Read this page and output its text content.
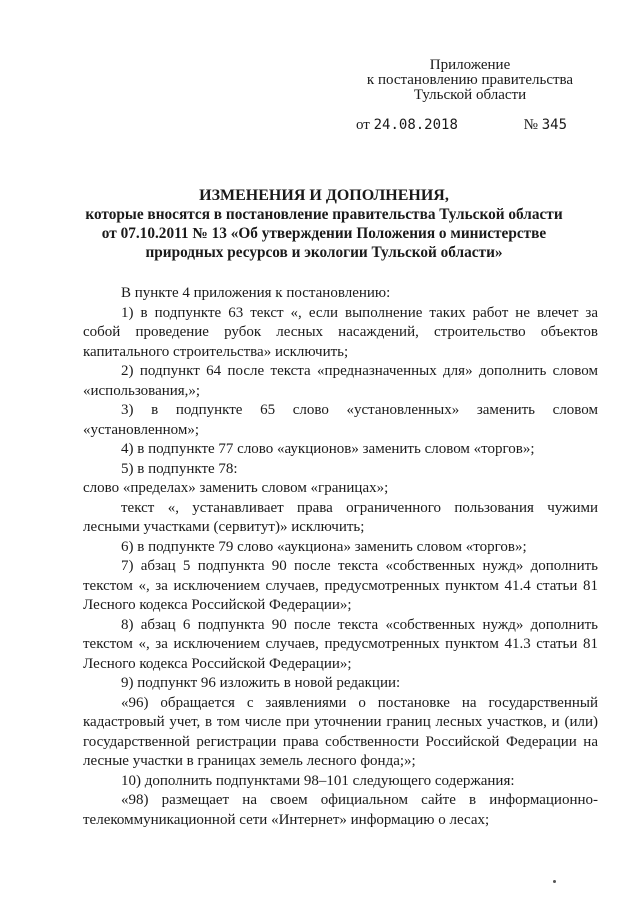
Приложение
к постановлению правительства
Тульской области
от 24.08.2018	№ 345
ИЗМЕНЕНИЯ И ДОПОЛНЕНИЯ,
которые вносятся в постановление правительства Тульской области
от 07.10.2011 № 13 «Об утверждении Положения о министерстве
природных ресурсов и экологии Тульской области»

В пункте 4 приложения к постановлению:

1) в подпункте 63 текст «, если выполнение таких работ не влечет за собой проведение рубок лесных насаждений, строительство объектов капитального строительства» исключить;

2) подпункт 64 после текста «предназначенных для» дополнить словом «использования,»;

3) в подпункте 65 слово «установленных» заменить словом «установленном»;

4) в подпункте 77 слово «аукционов» заменить словом «торгов»;

5) в подпункте 78:

слово «пределах» заменить словом «границах»;

текст «, устанавливает права ограниченного пользования чужими лесными участками (сервитут)» исключить;

6) в подпункте 79 слово «аукциона» заменить словом «торгов»;

7) абзац 5 подпункта 90 после текста «собственных нужд» дополнить текстом «, за исключением случаев, предусмотренных пунктом 41.4 статьи 81 Лесного кодекса Российской Федерации»;

8) абзац 6 подпункта 90 после текста «собственных нужд» дополнить текстом «, за исключением случаев, предусмотренных пунктом 41.3 статьи 81 Лесного кодекса Российской Федерации»;

9) подпункт 96 изложить в новой редакции:

«96) обращается с заявлениями о постановке на государственный кадастровый учет, в том числе при уточнении границ лесных участков, и (или) государственной регистрации права собственности Российской Федерации на лесные участки в границах земель лесного фонда;»;

10) дополнить подпунктами 98–101 следующего содержания:

«98) размещает на своем официальном сайте в информационно-телекоммуникационной сети «Интернет» информацию о лесах;
